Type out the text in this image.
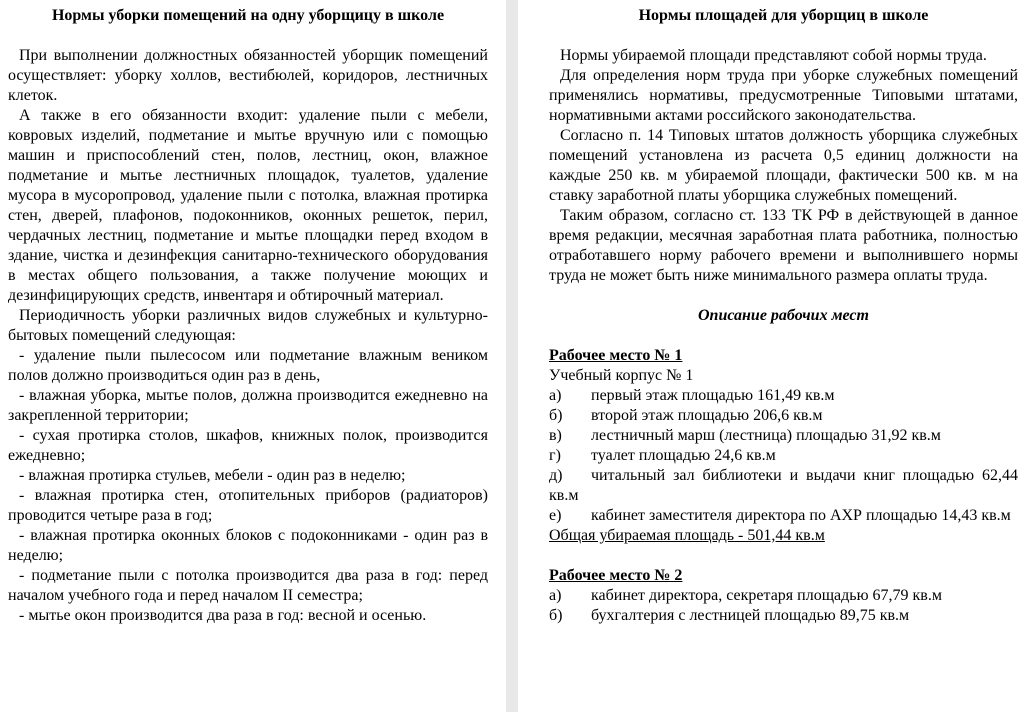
Нормы уборки помещений на одну уборщицу в школе

При выполнении должностных обязанностей уборщик помещений осуществляет: уборку холлов, вестибюлей, коридоров, лестничных клеток.

А также в его обязанности входит: удаление пыли с мебели, ковровых изделий, подметание и мытье вручную или с помощью машин и приспособлений стен, полов, лестниц, окон, влажное подметание и мытье лестничных площадок, туалетов, удаление мусора в мусоропровод, удаление пыли с потолка, влажная протирка стен, дверей, плафонов, подоконников, оконных решеток, перил, чердачных лестниц, подметание и мытье площадки перед входом в здание, чистка и дезинфекция санитарно-технического оборудования в местах общего пользования, а также получение моющих и дезинфицирующих средств, инвентаря и обтирочный материал.

Периодичность уборки различных видов служебных и культурно-бытовых помещений следующая:

- удаление пыли пылесосом или подметание влажным веником полов должно производиться один раз в день,

- влажная уборка, мытье полов, должна производится ежедневно на закрепленной территории;

- сухая протирка столов, шкафов, книжных полок, производится ежедневно;

- влажная протирка стульев, мебели - один раз в неделю;

- влажная протирка стен, отопительных приборов (радиаторов) проводится четыре раза в год;

- влажная протирка оконных блоков с подоконниками - один раз в неделю;

- подметание пыли с потолка производится два раза в год: перед началом учебного года и перед началом II семестра;

- мытье окон производится два раза в год: весной и осенью.

Нормы площадей для уборщиц в школе

Нормы убираемой площади представляют собой нормы труда.

Для определения норм труда при уборке служебных помещений применялись нормативы, предусмотренные Типовыми штатами, нормативными актами российского законодательства.

Согласно п. 14 Типовых штатов должность уборщика служебных помещений установлена из расчета 0,5 единиц должности на каждые 250 кв. м убираемой площади, фактически 500 кв. м на ставку заработной платы уборщика служебных помещений.

Таким образом, согласно ст. 133 ТК РФ в действующей в данное время редакции, месячная заработная плата работника, полностью отработавшего норму рабочего времени и выполнившего нормы труда не может быть ниже минимального размера оплаты труда.

Описание рабочих мест

Рабочее место № 1

Учебный корпус № 1

а) первый этаж площадью 161,49 кв.м

б) второй этаж площадью 206,6 кв.м

в) лестничный марш (лестница) площадью 31,92 кв.м

г) туалет площадью 24,6 кв.м

д) читальный зал библиотеки и выдачи книг площадью 62,44 кв.м

е) кабинет заместителя директора по АХР площадью 14,43 кв.м

Общая убираемая площадь - 501,44 кв.м

Рабочее место № 2

а) кабинет директора, секретаря площадью 67,79 кв.м

б) бухгалтерия с лестницей площадью 89,75 кв.м
